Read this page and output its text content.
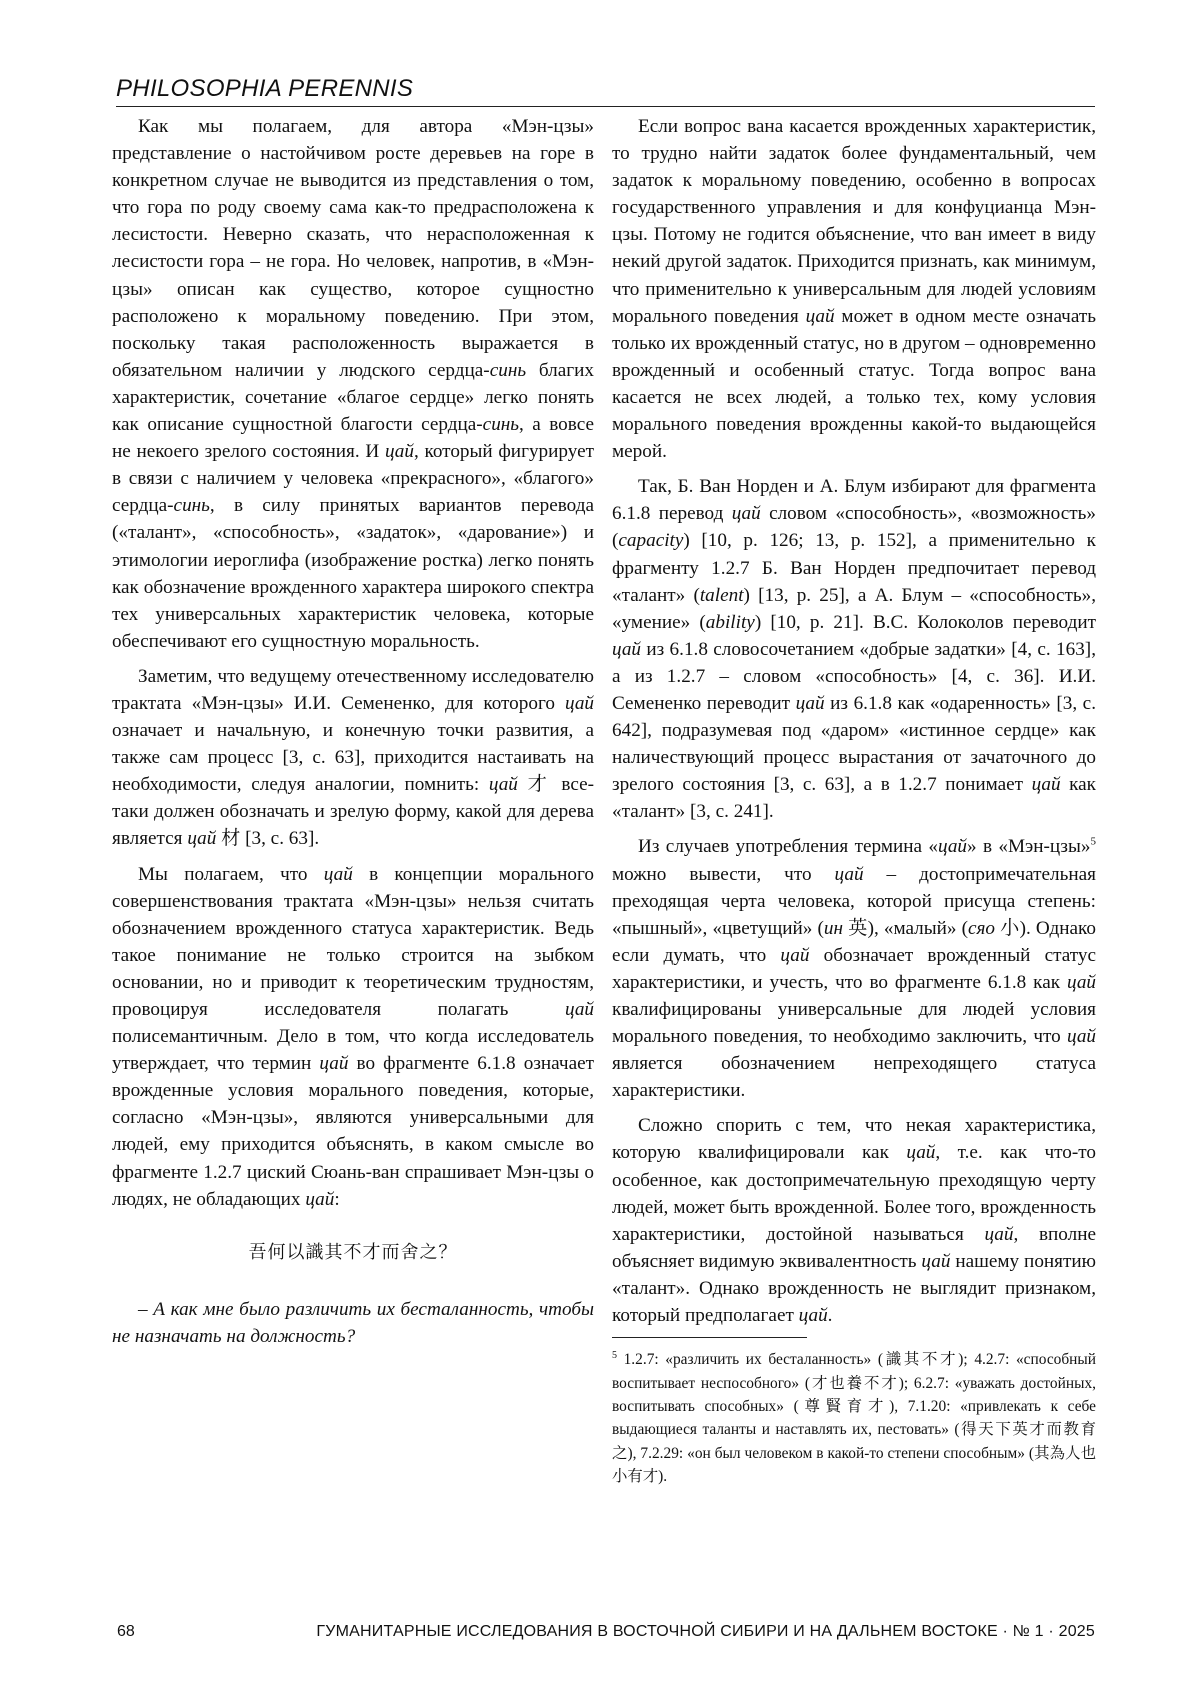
PHILOSOPHIA PERENNIS

Как мы полагаем, для автора «Мэн-цзы» представление о настойчивом росте деревьев на горе в конкретном случае не выводится из представления о том, что гора по роду своему сама как-то предрасположена к лесистости. Неверно сказать, что нерасположенная к лесистости гора – не гора. Но человек, напротив, в «Мэн-цзы» описан как существо, которое сущностно расположено к моральному поведению. При этом, поскольку такая расположенность выражается в обязательном наличии у людского сердца-синь благих характеристик, сочетание «благое сердце» легко понять как описание сущностной благости сердца-синь, а вовсе не некоего зрелого состояния. И цай, который фигурирует в связи с наличием у человека «прекрасного», «благого» сердца-синь, в силу принятых вариантов перевода («талант», «способность», «задаток», «дарование») и этимологии иероглифа (изображение ростка) легко понять как обозначение врожденного характера широкого спектра тех универсальных характеристик человека, которые обеспечивают его сущностную моральность.

Заметим, что ведущему отечественному исследователю трактата «Мэн-цзы» И.И. Семененко, для которого цай означает и начальную, и конечную точки развития, а также сам процесс [3, с. 63], приходится настаивать на необходимости, следуя аналогии, помнить: цай 才 все-таки должен обозначать и зрелую форму, какой для дерева является цай 材 [3, с. 63].

Мы полагаем, что цай в концепции морального совершенствования трактата «Мэн-цзы» нельзя считать обозначением врожденного статуса характеристик. Ведь такое понимание не только строится на зыбком основании, но и приводит к теоретическим трудностям, провоцируя исследователя полагать цай полисемантичным. Дело в том, что когда исследователь утверждает, что термин цай во фрагменте 6.1.8 означает врожденные условия морального поведения, которые, согласно «Мэн-цзы», являются универсальными для людей, ему приходится объяснять, в каком смысле во фрагменте 1.2.7 циский Сюань-ван спрашивает Мэн-цзы о людях, не обладающих цай:

吾何以識其不才而舍之？

– А как мне было различить их бесталанность, чтобы не назначать на должность?

Если вопрос вана касается врожденных характеристик, то трудно найти задаток более фундаментальный, чем задаток к моральному поведению, особенно в вопросах государственного управления и для конфуцианца Мэн-цзы. Потому не годится объяснение, что ван имеет в виду некий другой задаток. Приходится признать, как минимум, что применительно к универсальным для людей условиям морального поведения цай может в одном месте означать только их врожденный статус, но в другом – одновременно врожденный и особенный статус. Тогда вопрос вана касается не всех людей, а только тех, кому условия морального поведения врожденны какой-то выдающейся мерой.

Так, Б. Ван Норден и А. Блум избирают для фрагмента 6.1.8 перевод цай словом «способность», «возможность» (capacity) [10, p. 126; 13, p. 152], а применительно к фрагменту 1.2.7 Б. Ван Норден предпочитает перевод «талант» (talent) [13, p. 25], а А. Блум – «способность», «умение» (ability) [10, p. 21]. В.С. Колоколов переводит цай из 6.1.8 словосочетанием «добрые задатки» [4, с. 163], а из 1.2.7 – словом «способность» [4, с. 36]. И.И. Семененко переводит цай из 6.1.8 как «одаренность» [3, с. 642], подразумевая под «даром» «истинное сердце» как наличествующий процесс вырастания от зачаточного до зрелого состояния [3, с. 63], а в 1.2.7 понимает цай как «талант» [3, с. 241].

Из случаев употребления термина «цай» в «Мэн-цзы»$^5$ можно вывести, что цай – достопримечательная преходящая черта человека, которой присуща степень: «пышный», «цветущий» (ин 英), «малый» (сяо 小). Однако если думать, что цай обозначает врожденный статус характеристики, и учесть, что во фрагменте 6.1.8 как цай квалифицированы универсальные для людей условия морального поведения, то необходимо заключить, что цай является обозначением непреходящего статуса характеристики.

Сложно спорить с тем, что некая характеристика, которую квалифицировали как цай, т.е. как что-то особенное, как достопримечательную преходящую черту людей, может быть врожденной. Более того, врожденность характеристики, достойной называться цай, вполне объясняет видимую эквивалентность цай нашему понятию «талант». Однако врожденность не выглядит признаком, который предполагает цай.

$^5$ 1.2.7: «различить их бесталанность» (識其不才); 4.2.7: «способный воспитывает неспособного» (才也養不才); 6.2.7: «уважать достойных, воспитывать способных» (尊賢育才), 7.1.20: «привлекать к себе выдающиеся таланты и наставлять их, пестовать» (得天下英才而教育之), 7.2.29: «он был человеком в какой-то степени способным» (其為人也小有才).

68	ГУМАНИТАРНЫЕ ИССЛЕДОВАНИЯ В ВОСТОЧНОЙ СИБИРИ И НА ДАЛЬНЕМ ВОСТОКЕ · № 1 · 2025
